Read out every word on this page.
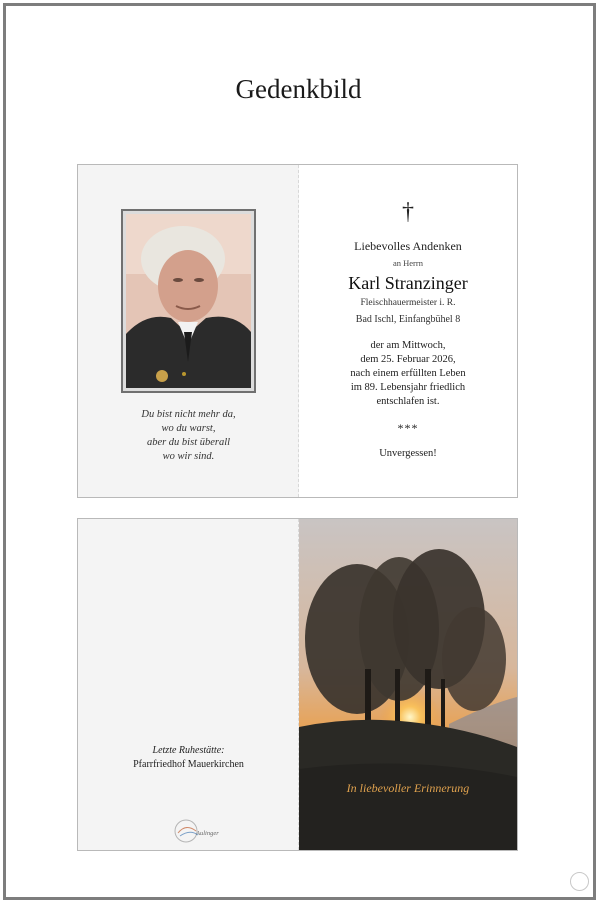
Gedenkbild
Du bist nicht mehr da,
wo du warst,
aber du bist überall
wo wir sind.
†
Liebevolles Andenken
an Herrn
Karl Stranzinger
Fleischhauermeister i. R.
Bad Ischl, Einfangbühel 8
der am Mittwoch,
dem 25. Februar 2026,
nach einem erfüllten Leben
im 89. Lebensjahr friedlich
entschlafen ist.
***
Unvergessen!
Letzte Ruhestätte:
Pfarrfriedhof Mauerkirchen
Aulinger
In liebevoller Erinnerung
